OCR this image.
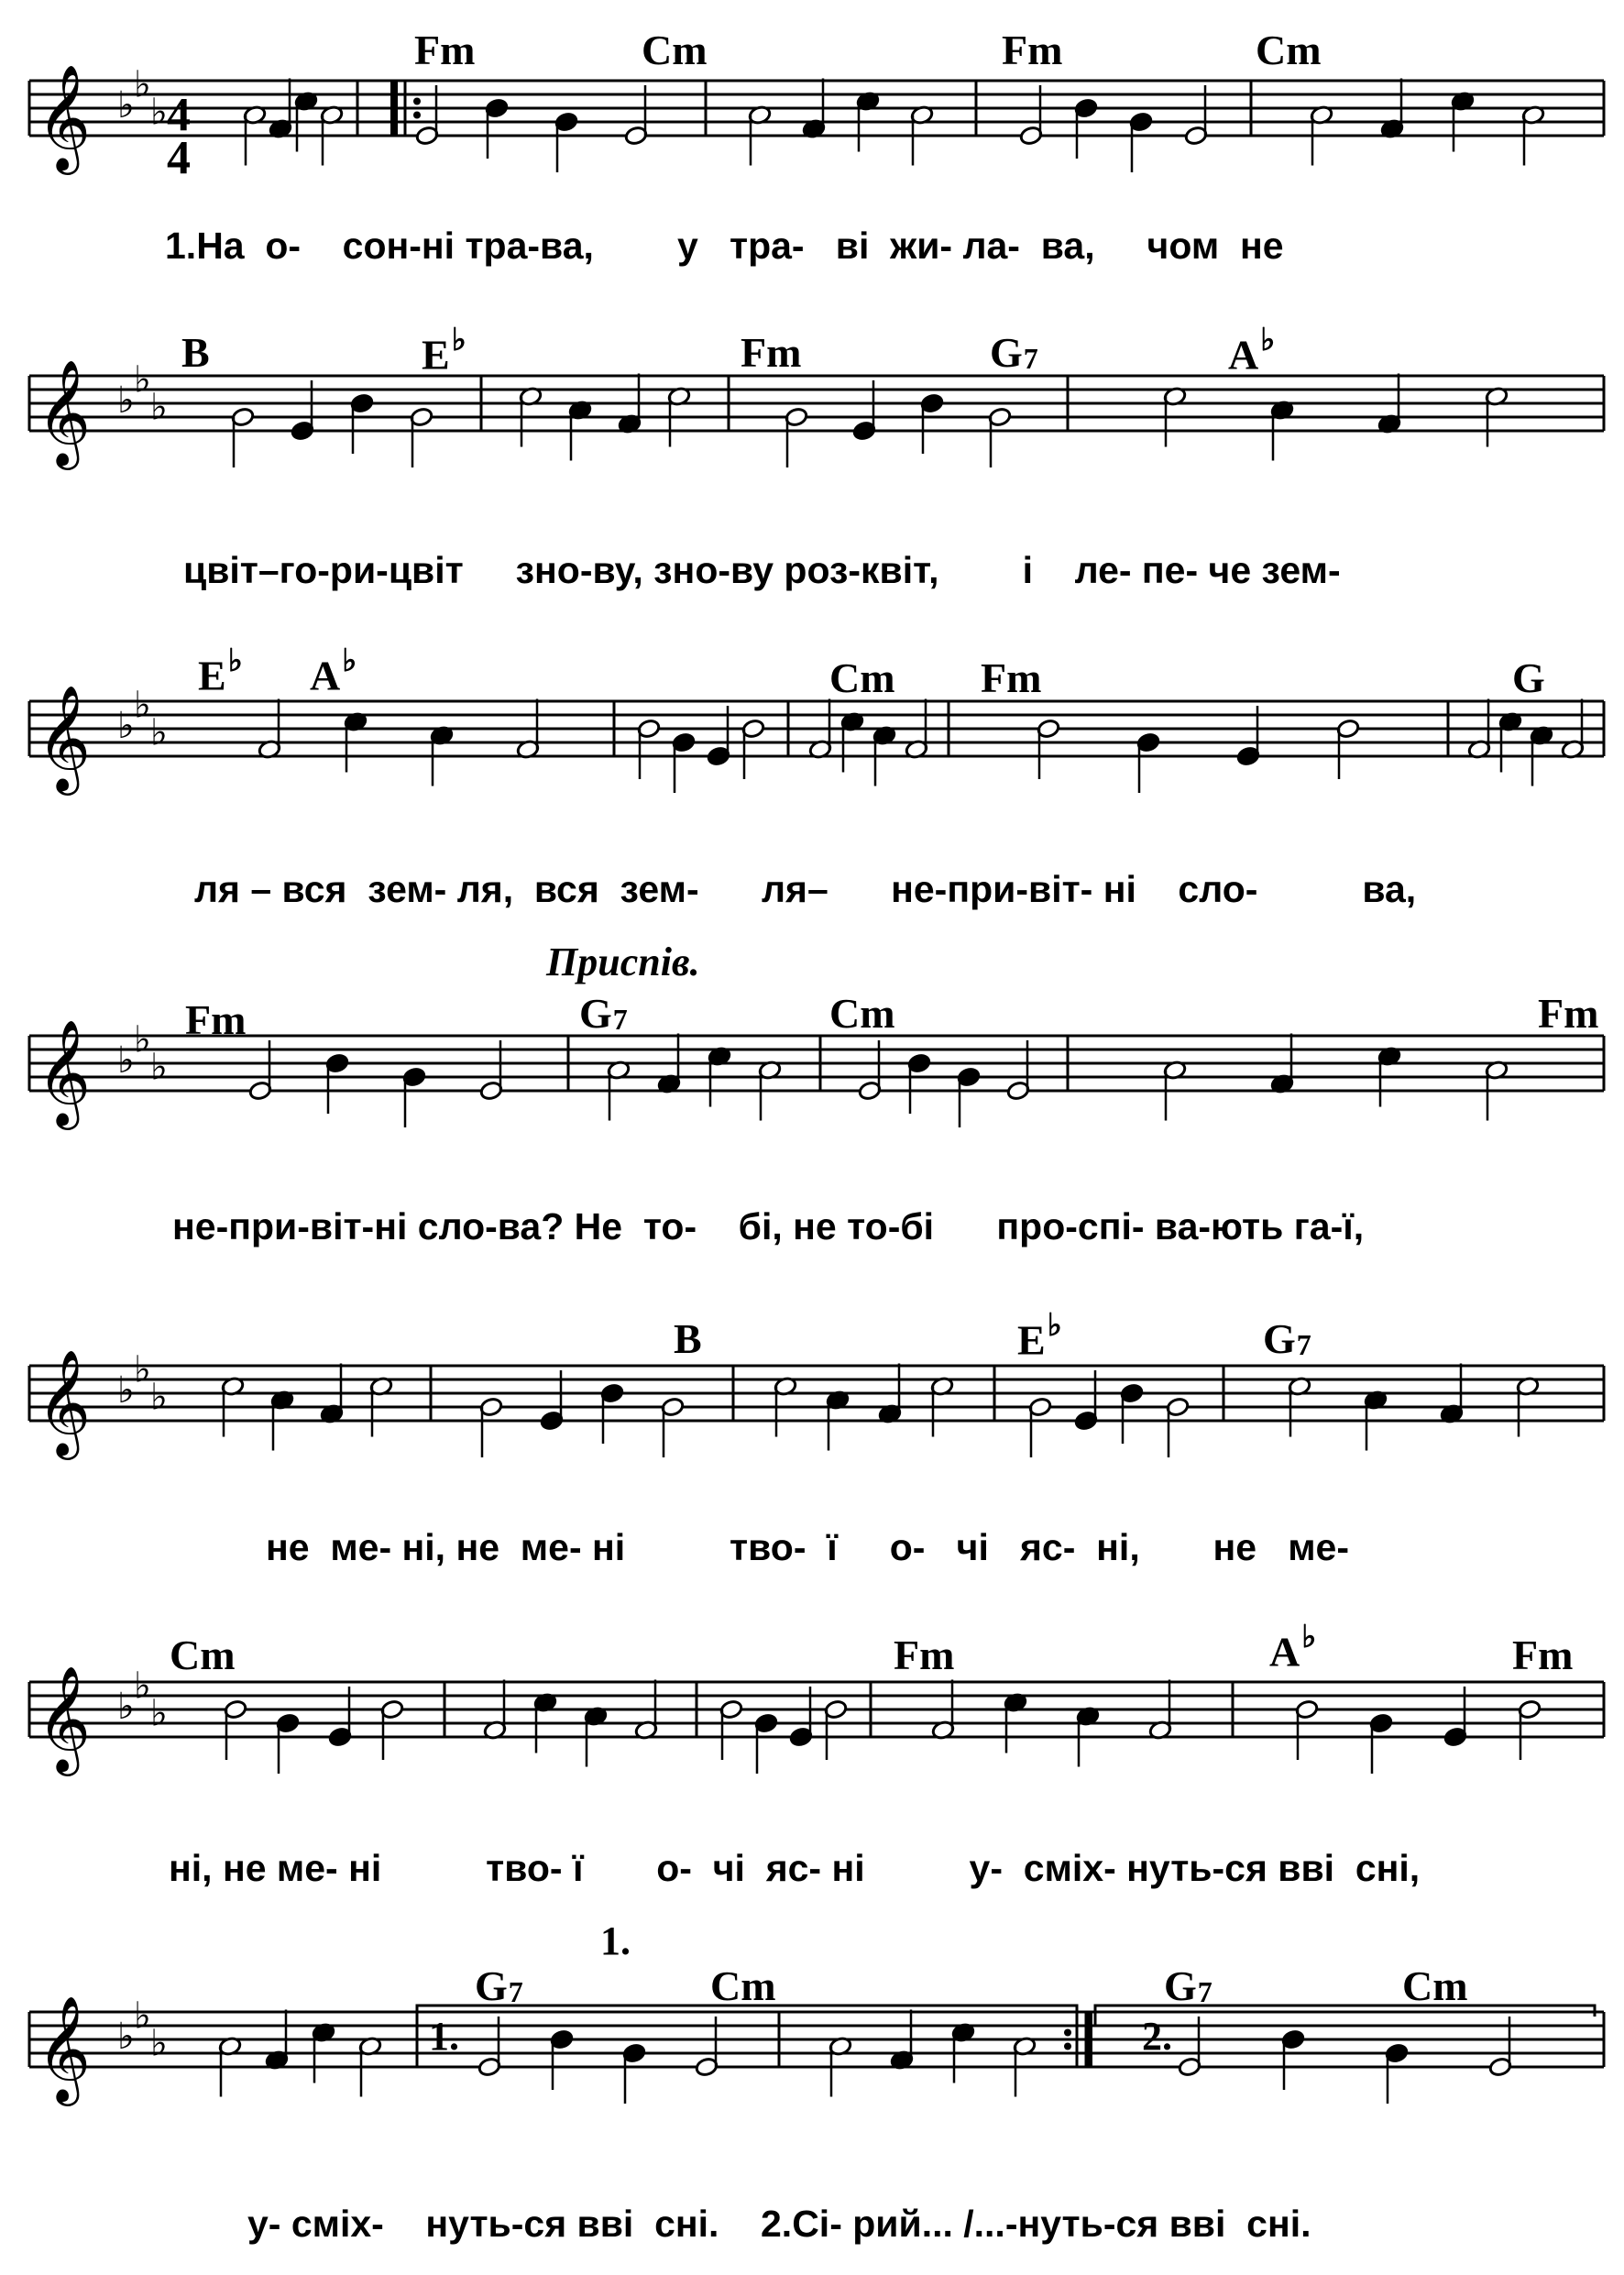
𝄞 ♭ ♭
♭
𝄞 ♭ ♭
♭
𝄞 ♭ ♭
♭
𝄞 ♭ ♭
♭
𝄞 ♭ ♭
♭
𝄞 ♭ ♭
♭
𝄞 ♭ ♭
♭
Fm	Cm	Fm	Cm
1.На  о-    сон-ні тра-ва,        у   тра-   ві  жи- ла-  ва,     чом  не
B	E♭	Fm	$G_7$	A♭
цвіт–го-ри-цвіт     зно-ву, зно-ву роз-квіт,        і    ле- пе- че зем-
E♭ A♭	Cm Fm	G
ля – вся  зем- ля,  вся  зем-      ля–      не-при-віт- ні    сло-          ва,
Приспів.
Fm	$G_7$	Cm	Fm
не-при-віт-ні сло-ва? Не  то-    бі, не то-бі      про-спі- ва-ють га-ї,
B	E♭	$G_7$
не  ме- ні, не  ме- ні          тво-  ї     о-   чі   яс-  ні,       не   ме-
Cm	Fm	A♭	Fm
ні, не ме- ні          тво- ї       о-  чі  яс- ні          у-  сміх- нуть-ся вві  сні,
1.
$G_7$	Cm	$G_7$	Cm
1.	2.
у- сміх-    нуть-ся вві  сні.    2.Сі- рий... /...-нуть-ся вві  сні.
4
4
